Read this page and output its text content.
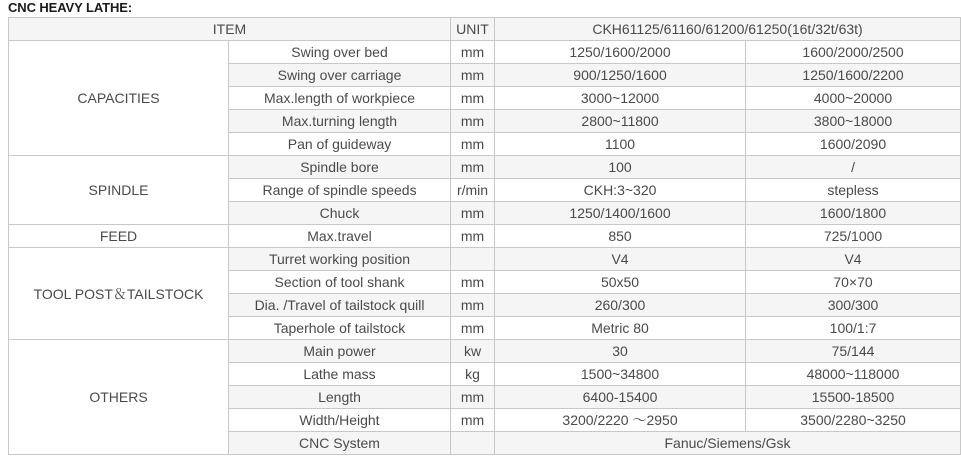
CNC HEAVY LATHE:
ITEM		UNIT	CKH61125/61160/61200/61250(16t/32t/63t)	
CAPACITIES	Swing over bed	mm	1250/1600/2000	1600/2000/2500
	Swing over carriage	mm	900/1250/1600	1250/1600/2200
	Max.length of workpiece	mm	3000~12000	4000~20000
	Max.turning length	mm	2800~11800	3800~18000
	Pan of guideway	mm	1100	1600/2090
SPINDLE	Spindle bore	mm	100	/
	Range of spindle speeds	r/min	CKH:3~320	stepless
	Chuck	mm	1250/1400/1600	1600/1800
FEED	Max.travel	mm	850	725/1000
TOOL POST＆TAILSTOCK	Turret working position		V4	V4
	Section of tool shank	mm	50x50	70×70
	Dia. /Travel of tailstock quill	mm	260/300	300/300
	Taperhole of tailstock	mm	Metric 80	100/1:7
OTHERS	Main power	kw	30	75/144
	Lathe mass	kg	1500~34800	48000~118000
	Length	mm	6400-15400	15500-18500
	Width/Height	mm	3200/2220 ～2950	3500/2280~3250
	CNC System		Fanuc/Siemens/Gsk	
